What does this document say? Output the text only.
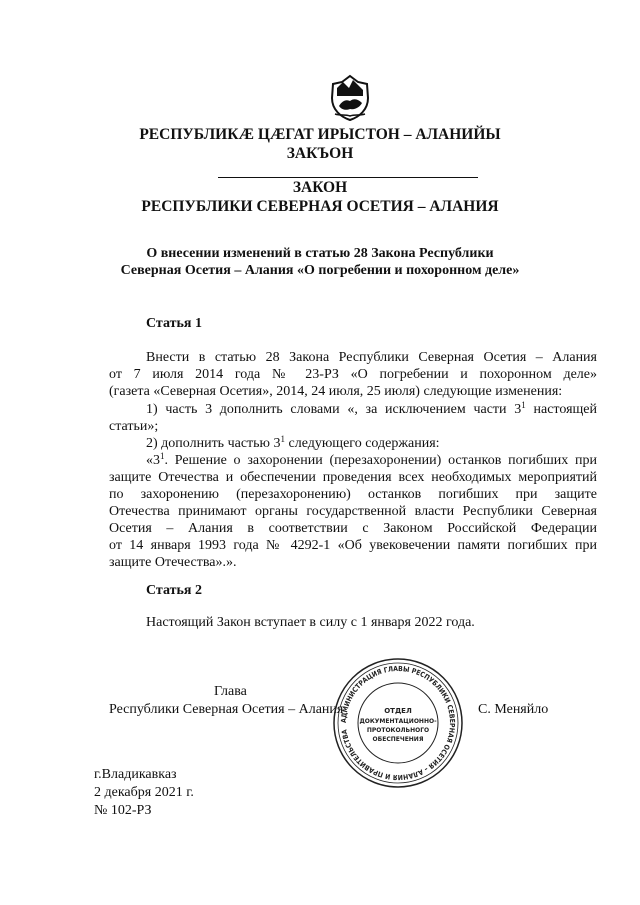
РЕСПУБЛИКӔ ЦӔГАТ ИРЫСТОН – АЛАНИЙЫ
ЗАКЪОН
ЗАКОН
РЕСПУБЛИКИ СЕВЕРНАЯ ОСЕТИЯ – АЛАНИЯ
О внесении изменений в статью 28 Закона Республики
Северная Осетия – Алания «О погребении и похоронном деле»
Статья 1
Внести в статью 28 Закона Республики Северная Осетия – Алания
от 7 июля 2014 года № 23-РЗ «О погребении и похоронном деле»
(газета «Северная Осетия», 2014, 24 июля, 25 июля) следующие изменения:
1) часть 3 дополнить словами «, за исключением части $3^1$ настоящей
статьи»;
2) дополнить частью $3^1$ следующего содержания:
«$3^1$. Решение о захоронении (перезахоронении) останков погибших при
защите Отечества и обеспечении проведения всех необходимых мероприятий
по захоронению (перезахоронению) останков погибших при защите
Отечества принимают органы государственной власти Республики Северная
Осетия – Алания в соответствии с Законом Российской Федерации
от 14 января 1993 года № 4292-1 «Об увековечении памяти погибших при
защите Отечества».».
Статья 2
Настоящий Закон вступает в силу с 1 января 2022 года.
Глава
Республики Северная Осетия – Алания	С. Меняйло
АДМИНИСТРАЦИЯ ГЛАВЫ РЕСПУБЛИКИ СЕВЕРНАЯ ОСЕТИЯ – АЛАНИЯ И ПРАВИТЕЛЬСТВА
ОТДЕЛ
ДОКУМЕНТАЦИОННО-
ПРОТОКОЛЬНОГО
ОБЕСПЕЧЕНИЯ
г.Владикавказ
2 декабря 2021 г.
№ 102-РЗ
